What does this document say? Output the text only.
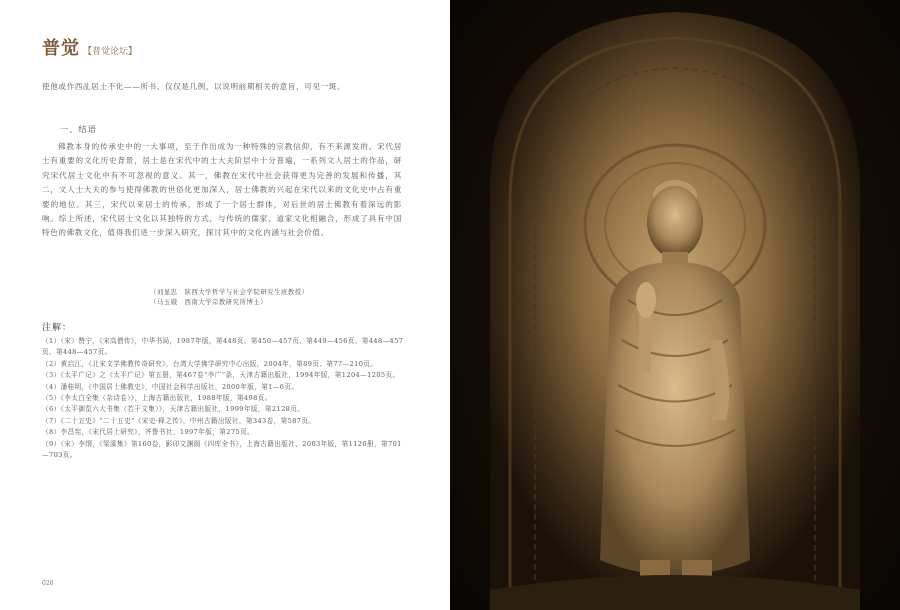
普觉 【普觉论坛】

使他或作西乩居士不化——所书、仅仅是几例，以说明前期相关的意旨，可见一斑。

一、结语

佛教本身的传承史中的一大事项，至于作出成为一种特殊的宗教信仰，有不来源发的。宋代居士有重要的文化历史背景，居士是在宋代中的士大夫阶层中十分普遍，一系列文人居士的作品，研究宋代居士文化中有不可忽视的意义。其一，佛教在宋代中社会获得更为完善的发展和传播，其二，文人士大夫的参与使得佛教的世俗化更加深入，居士佛教的兴起在宋代以来的文化史中占有重要的地位。其三，宋代以来居士的传承，形成了一个居士群体，对后世的居士佛教有着深远的影响。综上所述，宋代居士文化以其独特的方式，与传统的儒家、道家文化相融合，形成了具有中国特色的佛教文化，值得我们进一步深入研究，探讨其中的文化内涵与社会价值。

（刘显忠　陕西大学哲学与社会学院研究生班教授）
（马玉娥　西南大学宗教研究所博士）
注解：
（1）（宋）赞宁，《宋高僧传》，中华书局，1987年版，第448页、第450—457页、第449—456页、第448—457页、第448—457页。
（2）黄启江，《北宋文学佛教传奇研究》，台湾大学佛学研究中心出版，2004年，第89页、第77—210页。
（3）《太平广记》之《太平广记》第五册，第467卷“李广”条，天津古籍出版社，1994年版，第1204—1205页。
（4）潘桂明，《中国居士佛教史》，中国社会科学出版社，2000年版，第1—6页。
（5）《李太白全集（杂诗卷）》，上海古籍出版社，1988年版，第498页。
（6）《太平御览六大书集（若干文集）》，天津古籍出版社，1999年版，第2128页。
（7）《二十五史》“二十五史”《宋史·释之传》，中州古籍出版社，第343卷，第587页。
（8）李昌宪，《宋代居士研究》，齐鲁书社，1997年版，第275页。
（9）（宋）李纲，《梁溪集》第160卷，影印文渊阁《四库全书》，上海古籍出版社，2003年版，第1126册，第701—703页。
020
